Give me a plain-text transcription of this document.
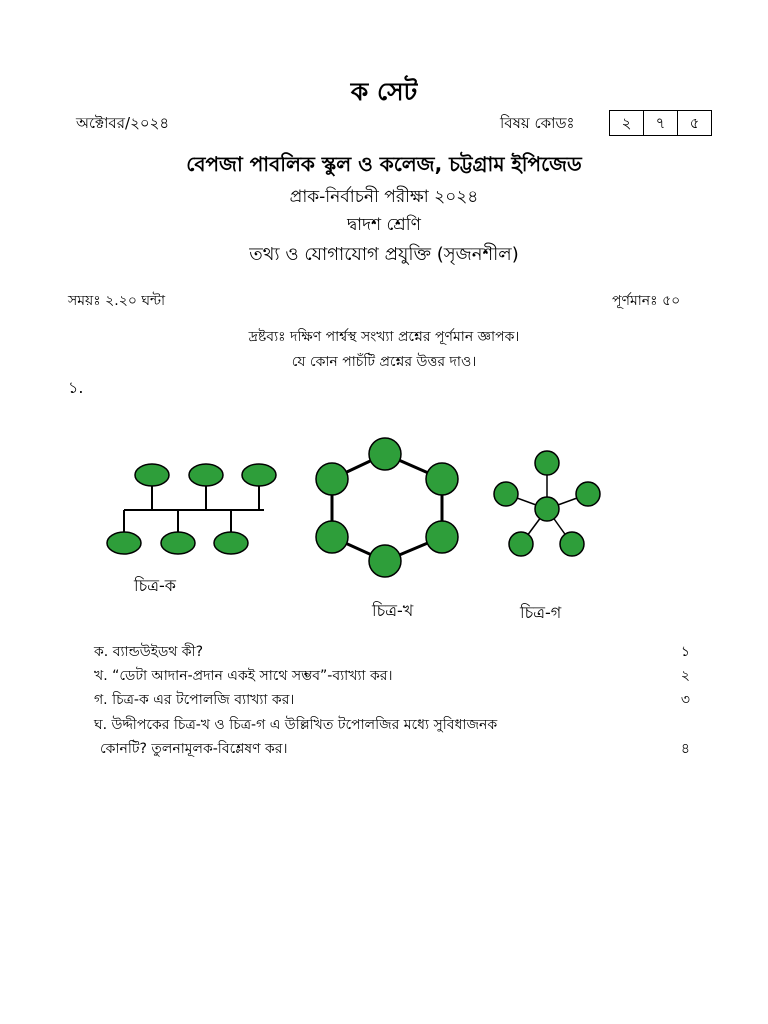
ক সেট
অক্টোবর/২০২৪	বিষয় কোডঃ	২	৭	৫
বেপজা পাবলিক স্কুল ও কলেজ, চট্টগ্রাম ইপিজেড
প্রাক-নির্বাচনী পরীক্ষা ২০২৪
দ্বাদশ শ্রেণি
তথ্য ও যোগাযোগ প্রযুক্তি (সৃজনশীল)
সময়ঃ ২.২০ ঘন্টা	পূর্ণমানঃ ৫০
দ্রষ্টব্যঃ দক্ষিণ পার্শ্বস্থ সংখ্যা প্রশ্নের পূর্ণমান জ্ঞাপক।
যে কোন পাচঁটি প্রশ্নের উত্তর দাও।
১.
চিত্র-ক
চিত্র-খ	চিত্র-গ
ক. ব্যান্ডউইডথ কী?	১
খ. “ডেটা আদান-প্রদান একই সাথে সম্ভব”-ব্যাখ্যা কর।	২
গ. চিত্র-ক এর টপোলজি ব্যাখ্যা কর।	৩
ঘ. উদ্দীপকের চিত্র-খ ও চিত্র-গ এ উল্লিখিত টপোলজির মধ্যে সুবিধাজনক
কোনটি? তুলনামূলক-বিশ্লেষণ কর।	৪
